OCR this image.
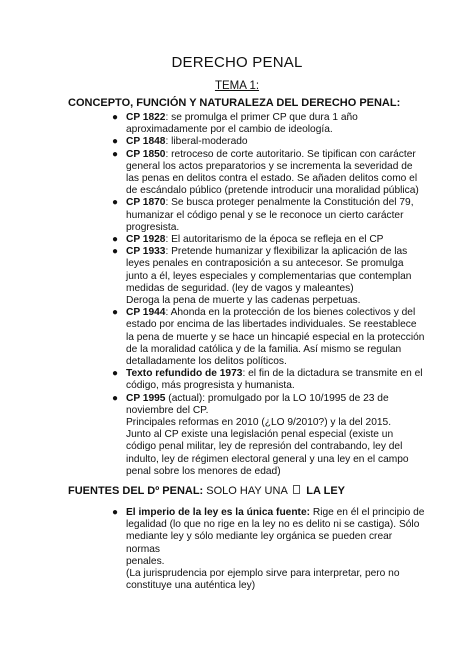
DERECHO PENAL
TEMA 1:
CONCEPTO, FUNCIÓN Y NATURALEZA DEL DERECHO PENAL:
● CP 1822: se promulga el primer CP que dura 1 año
aproximadamente por el cambio de ideología.
● CP 1848: liberal-moderado
● CP 1850: retroceso de corte autoritario. Se tipifican con carácter
general los actos preparatorios y se incrementa la severidad de
las penas en delitos contra el estado. Se añaden delitos como el
de escándalo público (pretende introducir una moralidad pública)
● CP 1870: Se busca proteger penalmente la Constitución del 79,
humanizar el código penal y se le reconoce un cierto carácter
progresista.
● CP 1928: El autoritarismo de la época se refleja en el CP
● CP 1933: Pretende humanizar y flexibilizar la aplicación de las
leyes penales en contraposición a su antecesor. Se promulga
junto a él, leyes especiales y complementarias que contemplan
medidas de seguridad. (ley de vagos y maleantes)
Deroga la pena de muerte y las cadenas perpetuas.
● CP 1944: Ahonda en la protección de los bienes colectivos y del
estado por encima de las libertades individuales. Se reestablece
la pena de muerte y se hace un hincapié especial en la protección
de la moralidad católica y de la familia. Así mismo se regulan
detalladamente los delitos políticos.
● Texto refundido de 1973: el fin de la dictadura se transmite en el
código, más progresista y humanista.
● CP 1995 (actual): promulgado por la LO 10/1995 de 23 de
noviembre del CP.
Principales reformas en 2010 (¿LO 9/2010?) y la del 2015.
Junto al CP existe una legislación penal especial (existe un
código penal militar, ley de represión del contrabando, ley del
indulto, ley de régimen electoral general y una ley en el campo
penal sobre los menores de edad)
FUENTES DEL Dº PENAL: SOLO HAY UNA  LA LEY
● El imperio de la ley es la única fuente: Rige en él el principio de
legalidad (lo que no rige en la ley no es delito ni se castiga). Sólo
mediante ley y sólo mediante ley orgánica se pueden crear normas
penales.
(La jurisprudencia por ejemplo sirve para interpretar, pero no
constituye una auténtica ley)
